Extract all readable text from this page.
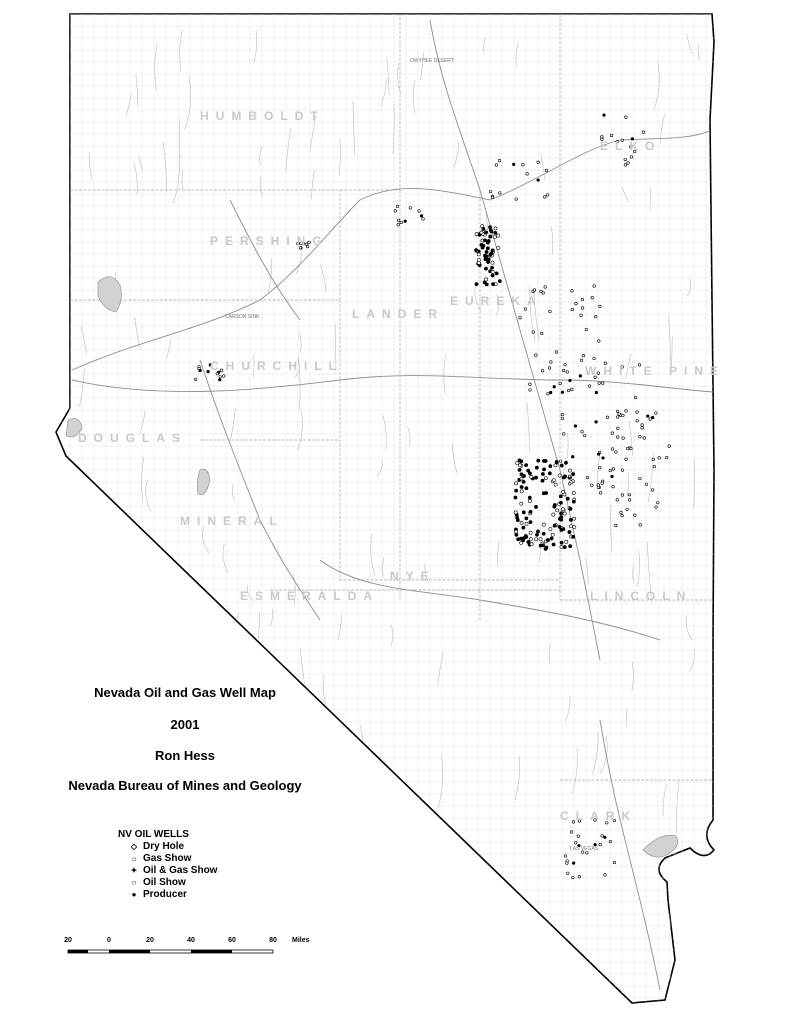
HUMBOLDT
ELKO
PERSHING
LANDER
EUREKA
WHITE PINE
NYE
LINCOLN
ESMERALDA
CHURCHILL
MINERAL
DOUGLAS
CLARK
OWYHEE DESERT
CARSON SINK
LAS VEGAS
Nevada Oil and Gas Well Map
2001
Ron Hess
Nevada Bureau of Mines and Geology
NV OIL WELLS
◇ Dry Hole
☼ Gas Show
✦ Oil & Gas Show
○ Oil Show
● Producer
20	0	20	40	60	80 Miles
